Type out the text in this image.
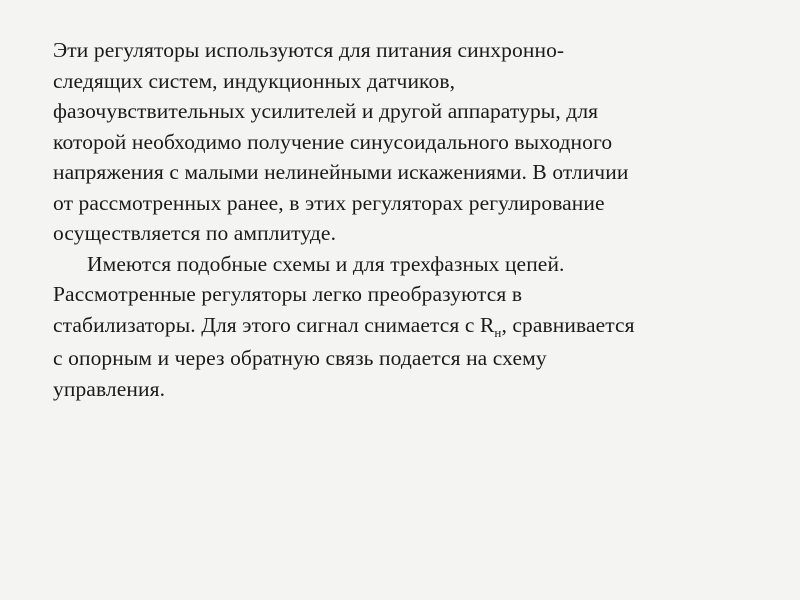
Эти регуляторы используются для питания синхронно-
следящих систем, индукционных датчиков,
фазочувствительных усилителей и другой аппаратуры, для
которой необходимо получение синусоидального выходного
напряжения с малыми нелинейными искажениями. В отличии
от рассмотренных ранее, в этих регуляторах регулирование
осуществляется по амплитуде.
Имеются подобные схемы и для трехфазных цепей.
Рассмотренные регуляторы легко преобразуются в
стабилизаторы. Для этого сигнал снимается с $R_н$, сравнивается
с опорным и через обратную связь подается на схему
управления.
